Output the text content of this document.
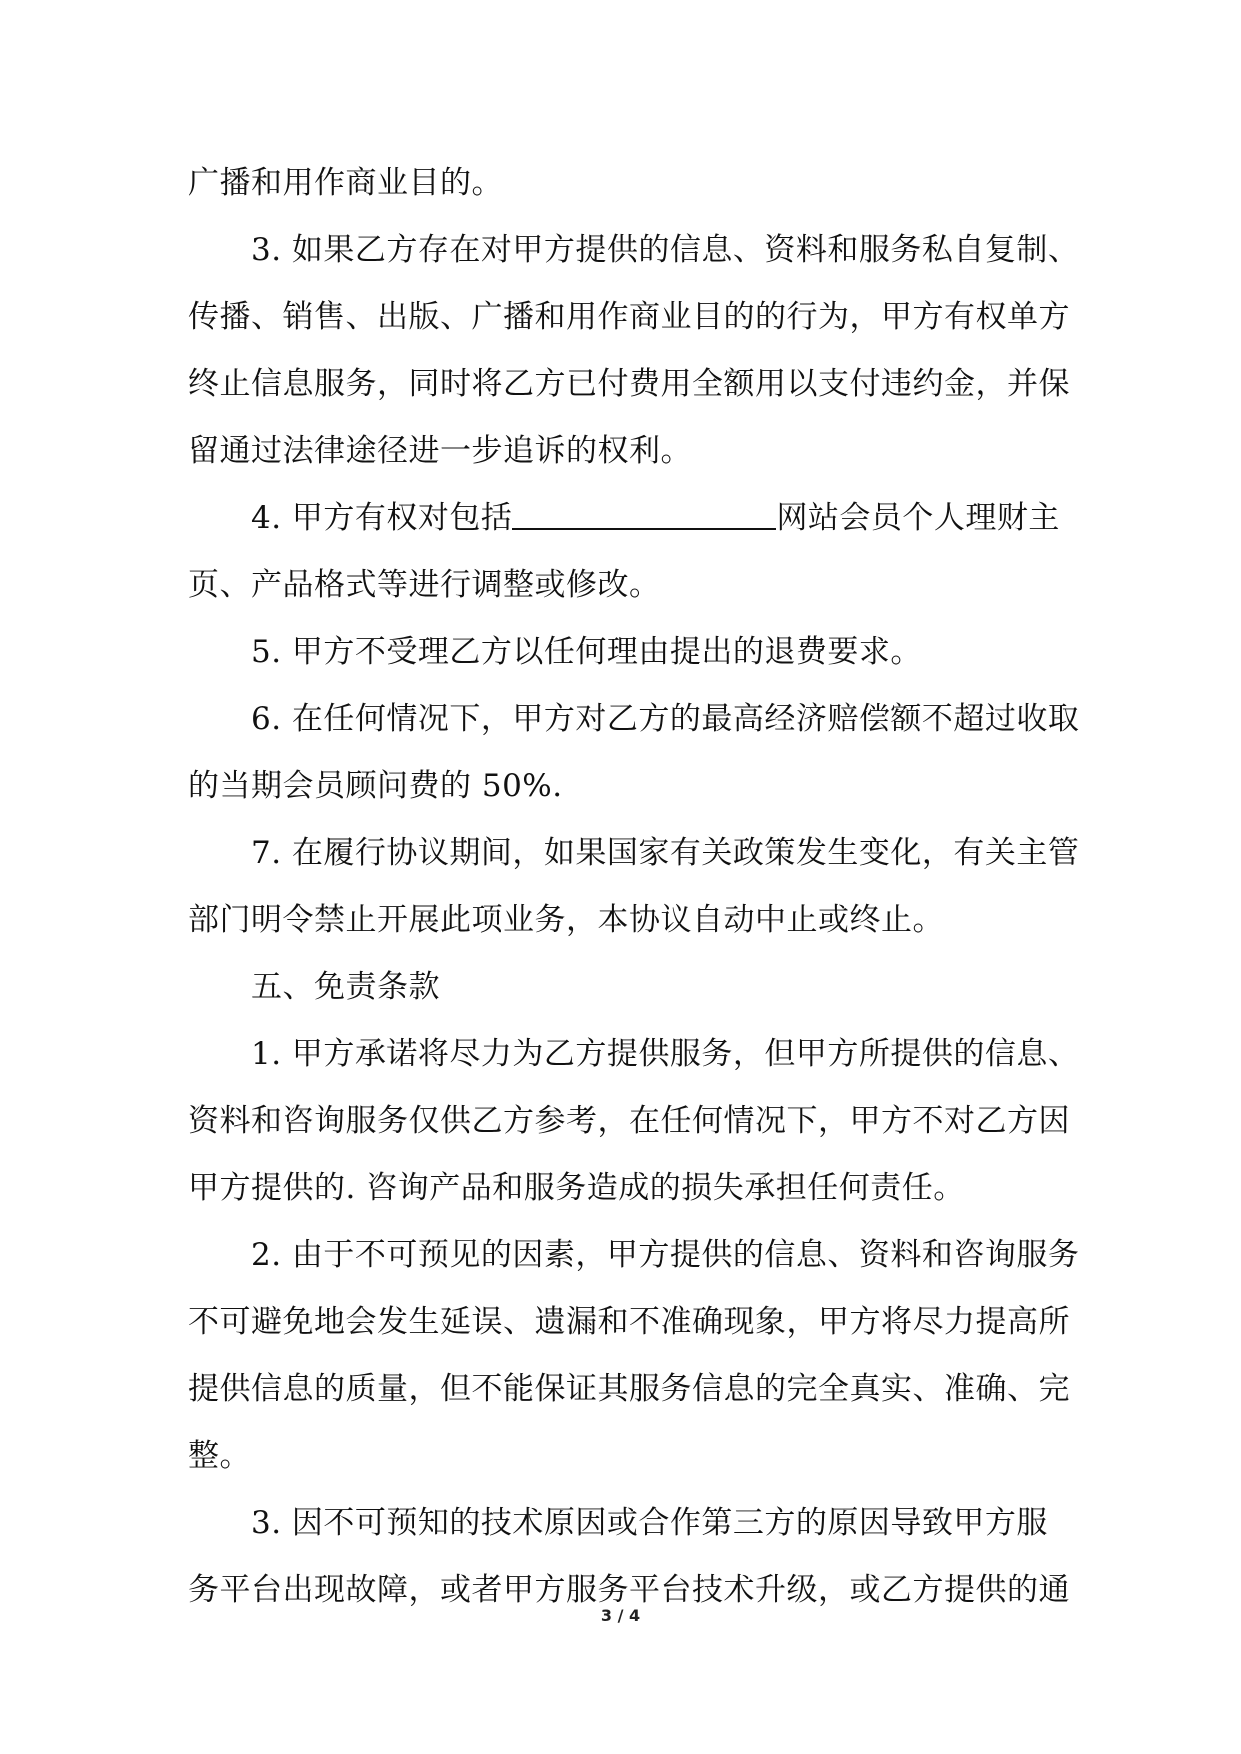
广播和用作商业目的。
3. 如果乙方存在对甲方提供的信息、资料和服务私自复制、
传播、销售、出版、广播和用作商业目的的行为，甲方有权单方
终止信息服务，同时将乙方已付费用全额用以支付违约金，并保
留通过法律途径进一步追诉的权利。
4. 甲方有权对包括	网站会员个人理财主
页、产品格式等进行调整或修改。
5. 甲方不受理乙方以任何理由提出的退费要求。
6. 在任何情况下，甲方对乙方的最高经济赔偿额不超过收取
的当期会员顾问费的 50%.
7. 在履行协议期间，如果国家有关政策发生变化，有关主管
部门明令禁止开展此项业务，本协议自动中止或终止。
五、免责条款
1. 甲方承诺将尽力为乙方提供服务，但甲方所提供的信息、
资料和咨询服务仅供乙方参考，在任何情况下，甲方不对乙方因
甲方提供的. 咨询产品和服务造成的损失承担任何责任。
2. 由于不可预见的因素，甲方提供的信息、资料和咨询服务
不可避免地会发生延误、遗漏和不准确现象，甲方将尽力提高所
提供信息的质量，但不能保证其服务信息的完全真实、准确、完
整。
3. 因不可预知的技术原因或合作第三方的原因导致甲方服
务平台出现故障，或者甲方服务平台技术升级，或乙方提供的通
3 / 4
